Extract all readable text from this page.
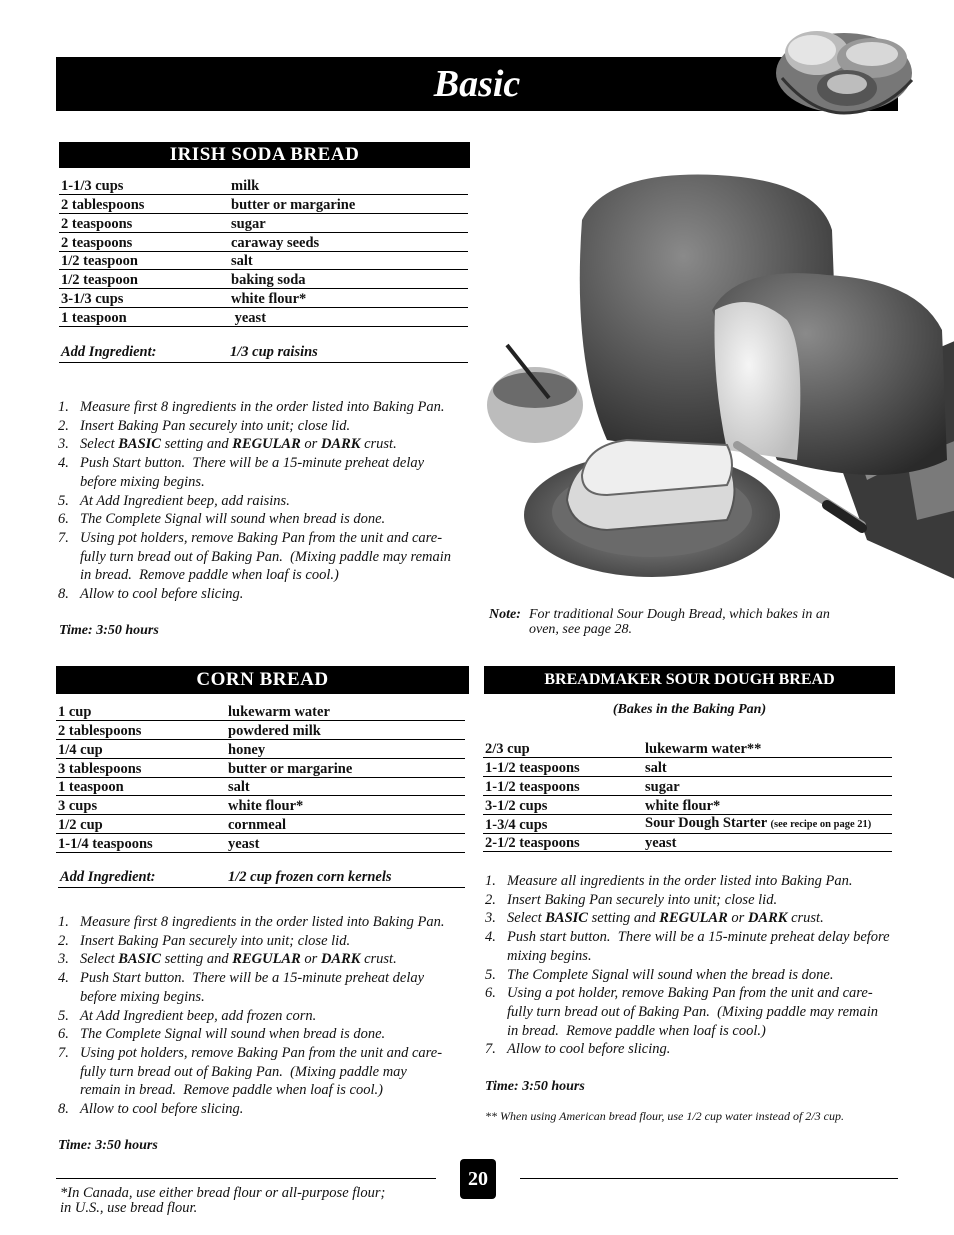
Basic
IRISH SODA BREAD
1-1/3 cups	milk
2 tablespoons	butter or margarine
2 teaspoons	sugar
2 teaspoons	caraway seeds
1/2 teaspoon	salt
1/2 teaspoon	baking soda
3-1/3 cups	white flour*
1 teaspoon	yeast
Add Ingredient:	1/3 cup raisins
1. Measure first 8 ingredients in the order listed into Baking Pan.
2. Insert Baking Pan securely into unit; close lid.
3. Select BASIC setting and REGULAR or DARK crust.
4. Push Start button.  There will be a 15-minute preheat delay
before mixing begins.
5. At Add Ingredient beep, add raisins.
6. The Complete Signal will sound when bread is done.
7. Using pot holders, remove Baking Pan from the unit and care-
fully turn bread out of Baking Pan.  (Mixing paddle may remain
in bread.  Remove paddle when loaf is cool.)
8. Allow to cool before slicing.
Time: 3:50 hours
Note: For traditional Sour Dough Bread, which bakes in an
oven, see page 28.
CORN BREAD
1 cup	lukewarm water
2 tablespoons	powdered milk
1/4 cup	honey
3 tablespoons	butter or margarine
1 teaspoon	salt
3 cups	white flour*
1/2 cup	cornmeal
1-1/4 teaspoons	yeast
Add Ingredient:	1/2 cup frozen corn kernels
1. Measure first 8 ingredients in the order listed into Baking Pan.
2. Insert Baking Pan securely into unit; close lid.
3. Select BASIC setting and REGULAR or DARK crust.
4. Push Start button.  There will be a 15-minute preheat delay
before mixing begins.
5. At Add Ingredient beep, add frozen corn.
6. The Complete Signal will sound when bread is done.
7. Using pot holders, remove Baking Pan from the unit and care-
fully turn bread out of Baking Pan.  (Mixing paddle may
remain in bread.  Remove paddle when loaf is cool.)
8. Allow to cool before slicing.
Time: 3:50 hours
BREADMAKER SOUR DOUGH BREAD
(Bakes in the Baking Pan)
2/3 cup	lukewarm water**
1-1/2 teaspoons	salt
1-1/2 teaspoons	sugar
3-1/2 cups	white flour*
1-3/4 cups	Sour Dough Starter (see recipe on page 21)
2-1/2 teaspoons	yeast
1. Measure all ingredients in the order listed into Baking Pan.
2. Insert Baking Pan securely into unit; close lid.
3. Select BASIC setting and REGULAR or DARK crust.
4. Push start button.  There will be a 15-minute preheat delay before
mixing begins.
5. The Complete Signal will sound when the bread is done.
6. Using a pot holder, remove Baking Pan from the unit and care-
fully turn bread out of Baking Pan.  (Mixing paddle may remain
in bread.  Remove paddle when loaf is cool.)
7. Allow to cool before slicing.
Time: 3:50 hours
** When using American bread flour, use 1/2 cup water instead of 2/3 cup.
20
*In Canada, use either bread flour or all-purpose flour;
in U.S., use bread flour.
